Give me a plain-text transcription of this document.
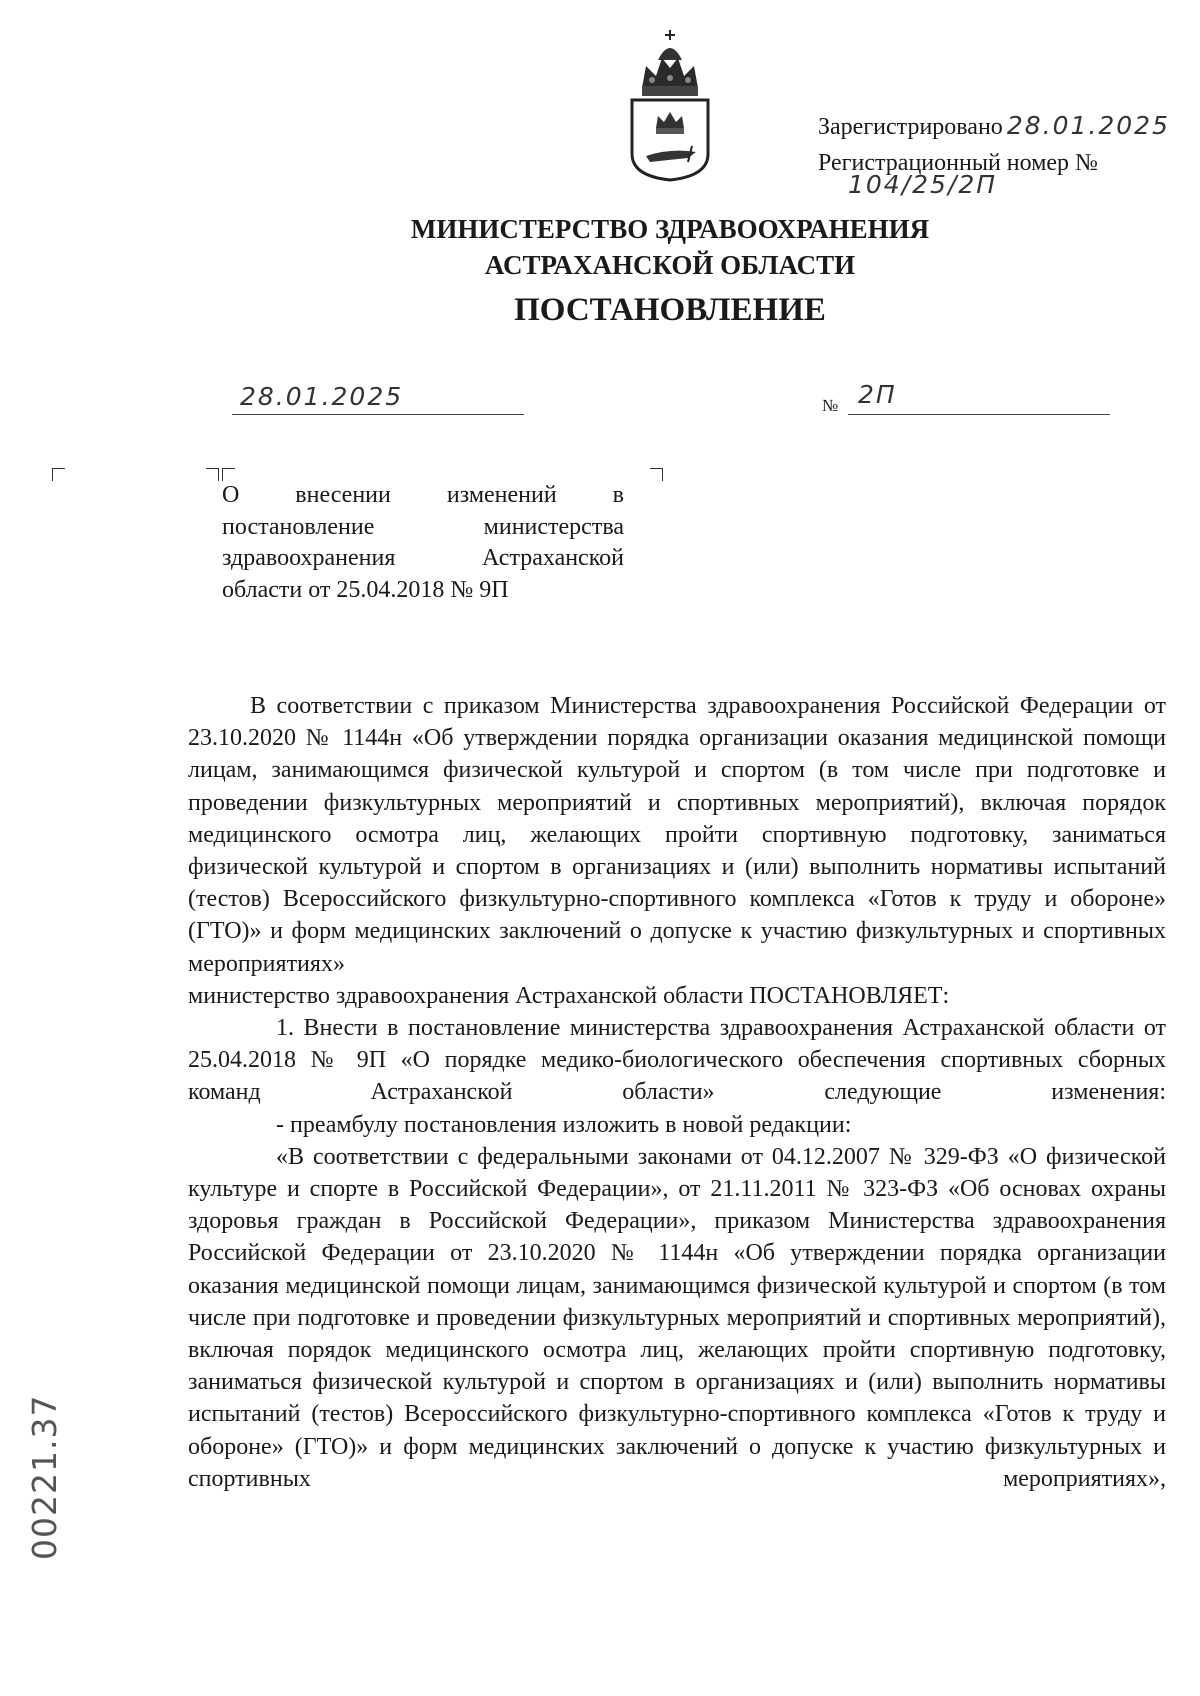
Зарегистрировано 28.01.2025
Регистрационный номер №
104/25/2П
МИНИСТЕРСТВО ЗДРАВООХРАНЕНИЯ
АСТРАХАНСКОЙ ОБЛАСТИ
ПОСТАНОВЛЕНИЕ
28.01.2025	№ 2П

О внесении изменений в постановление министерства здравоохранения Астраханской области от 25.04.2018 № 9П

В соответствии с приказом Министерства здравоохранения Российской Федерации от 23.10.2020 № 1144н «Об утверждении порядка организации оказания медицинской помощи лицам, занимающимся физической культурой и спортом (в том числе при подготовке и проведении физкультурных мероприятий и спортивных мероприятий), включая порядок медицинского осмотра лиц, желающих пройти спортивную подготовку, заниматься физической культурой и спортом в организациях и (или) выполнить нормативы испытаний (тестов) Всероссийского физкультурно-спортивного комплекса «Готов к труду и обороне» (ГТО)» и форм медицинских заключений о допуске к участию физкультурных и спортивных мероприятиях»

министерство здравоохранения Астраханской области ПОСТАНОВЛЯЕТ:

1. Внести в постановление министерства здравоохранения Астраханской области от 25.04.2018 № 9П «О порядке медико-биологического обеспечения спортивных сборных команд Астраханской области» следующие изменения:

- преамбулу постановления изложить в новой редакции:

«В соответствии с федеральными законами от 04.12.2007 № 329-ФЗ «О физической культуре и спорте в Российской Федерации», от 21.11.2011 № 323-ФЗ «Об основах охраны здоровья граждан в Российской Федерации», приказом Министерства здравоохранения Российской Федерации от 23.10.2020 № 1144н «Об утверждении порядка организации оказания медицинской помощи лицам, занимающимся физической культурой и спортом (в том числе при подготовке и проведении физкультурных мероприятий и спортивных мероприятий), включая порядок медицинского осмотра лиц, желающих пройти спортивную подготовку, заниматься физической культурой и спортом в организациях и (или) выполнить нормативы испытаний (тестов) Всероссийского физкультурно-спортивного комплекса «Готов к труду и обороне» (ГТО)» и форм медицинских заключений о допуске к участию физкультурных и спортивных мероприятиях»,

00221.37
